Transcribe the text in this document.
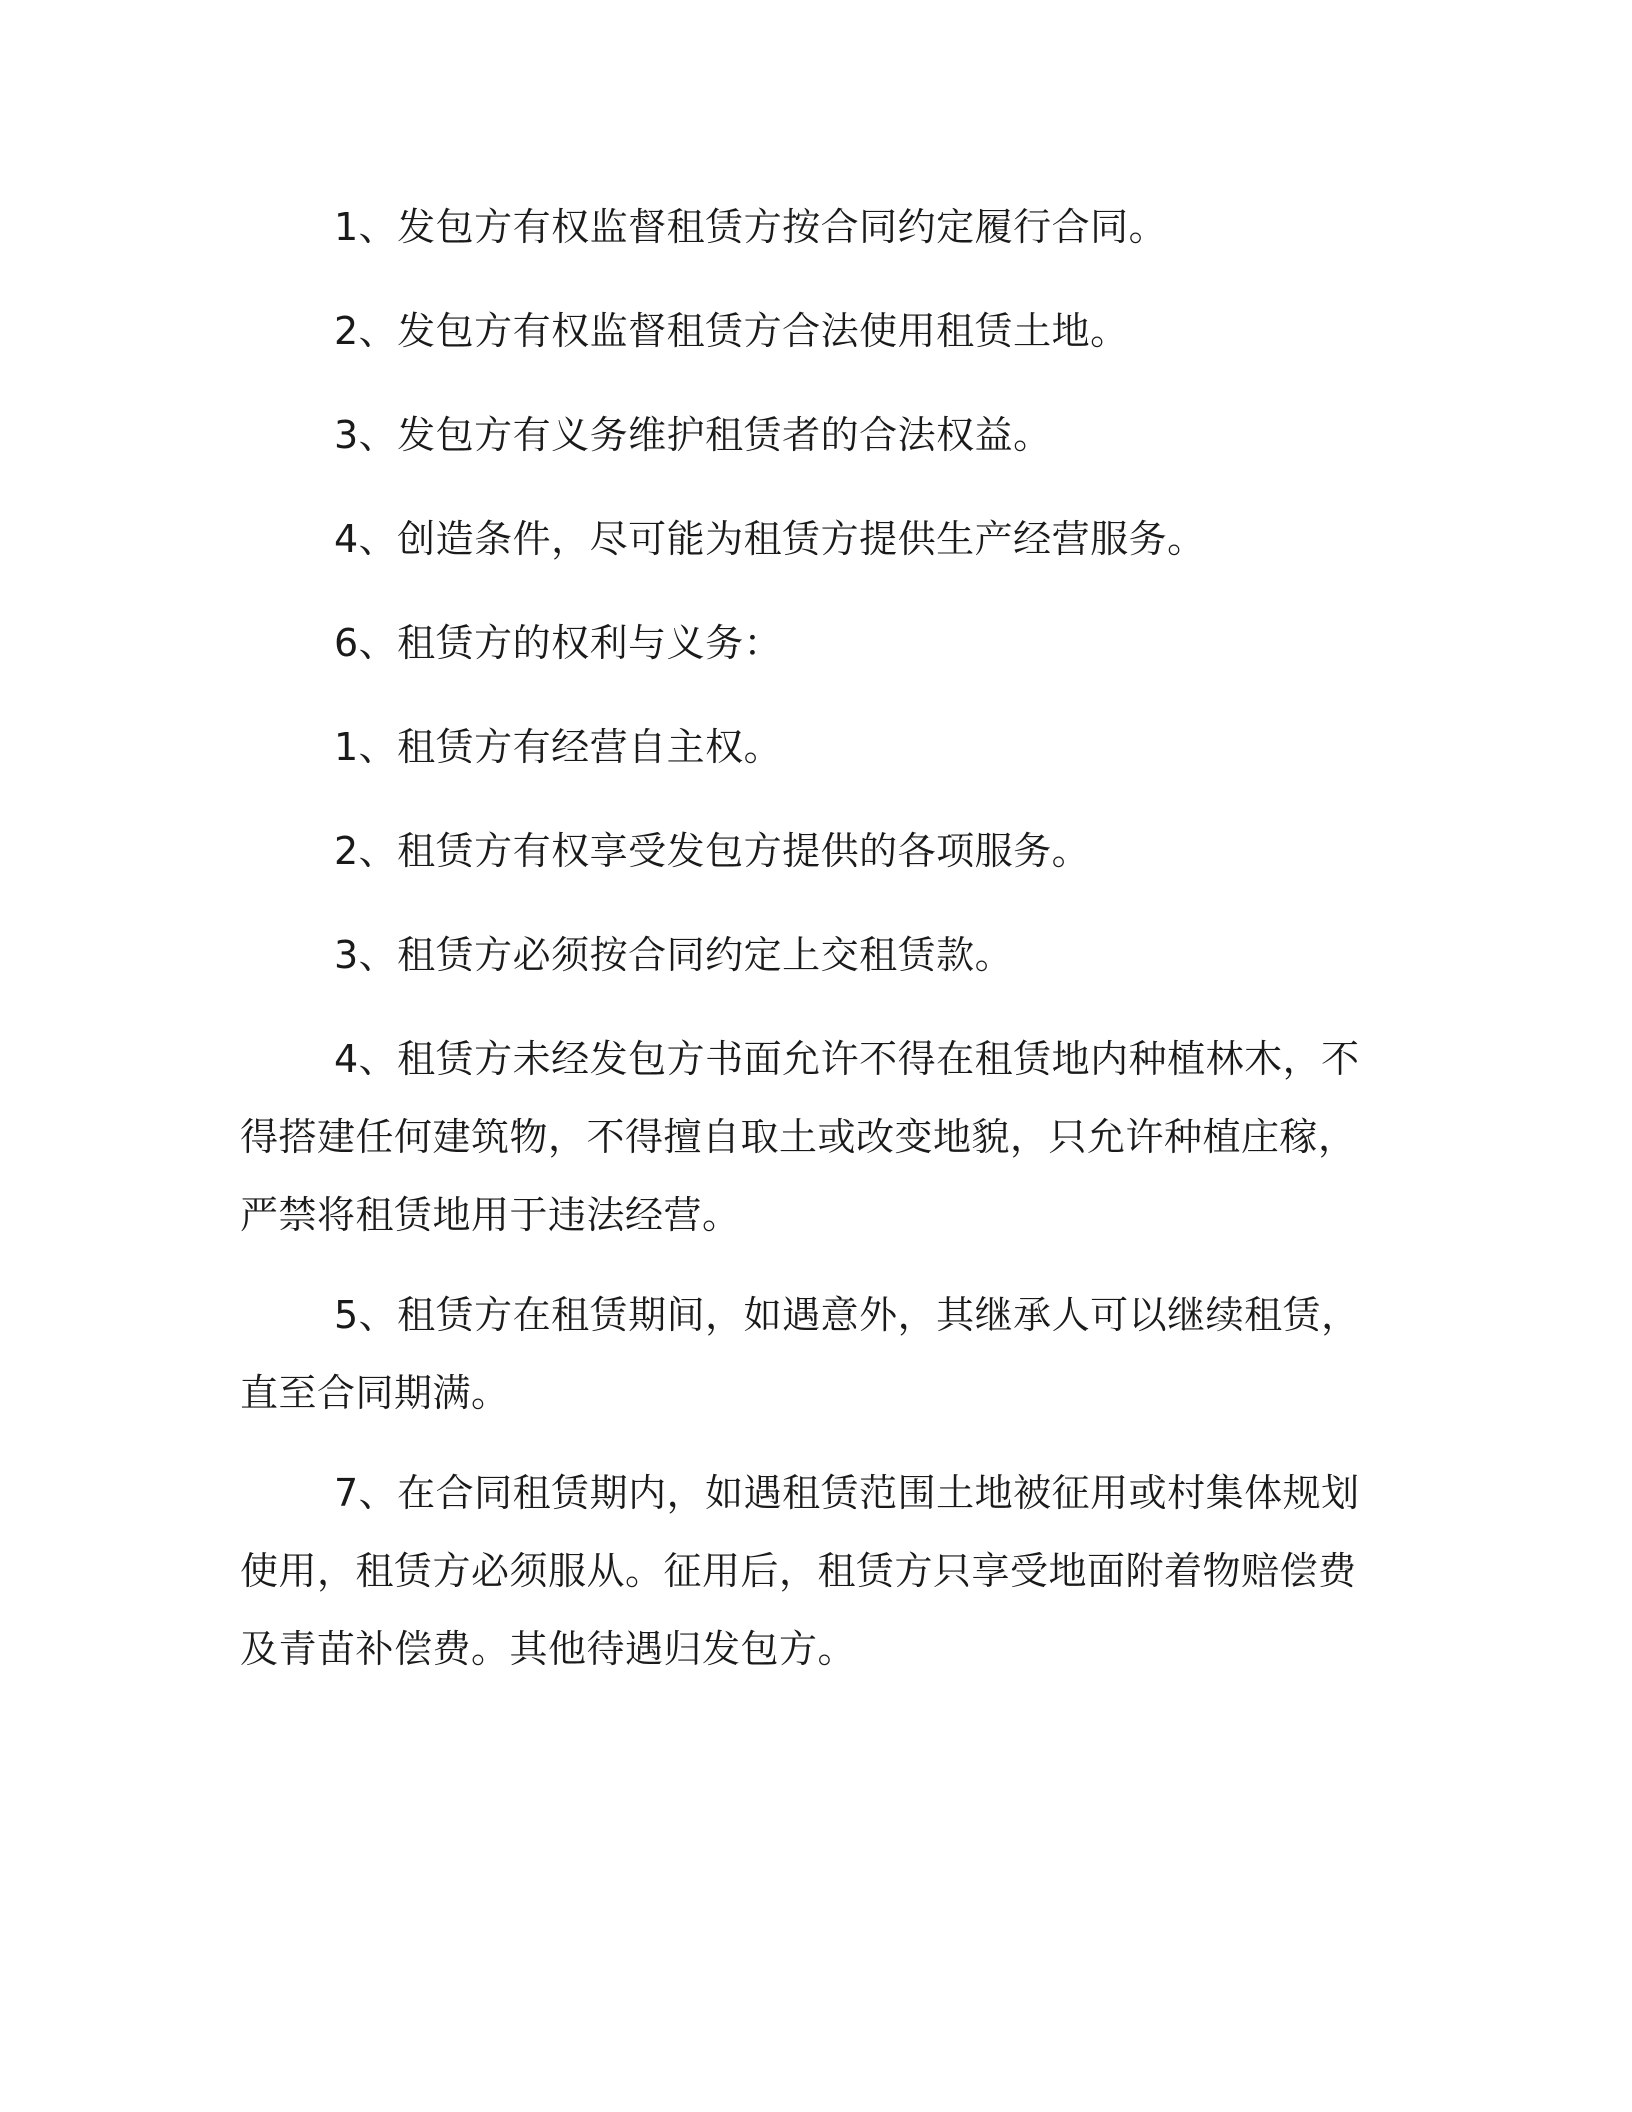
1、发包方有权监督租赁方按合同约定履行合同。

2、发包方有权监督租赁方合法使用租赁土地。

3、发包方有义务维护租赁者的合法权益。

4、创造条件，尽可能为租赁方提供生产经营服务。

6、租赁方的权利与义务：

1、租赁方有经营自主权。

2、租赁方有权享受发包方提供的各项服务。

3、租赁方必须按合同约定上交租赁款。

4、租赁方未经发包方书面允许不得在租赁地内种植林木，不得搭建任何建筑物，不得擅自取土或改变地貌，只允许种植庄稼，严禁将租赁地用于违法经营。

5、租赁方在租赁期间，如遇意外，其继承人可以继续租赁，直至合同期满。

7、在合同租赁期内，如遇租赁范围土地被征用或村集体规划使用，租赁方必须服从。征用后，租赁方只享受地面附着物赔偿费及青苗补偿费。其他待遇归发包方。
